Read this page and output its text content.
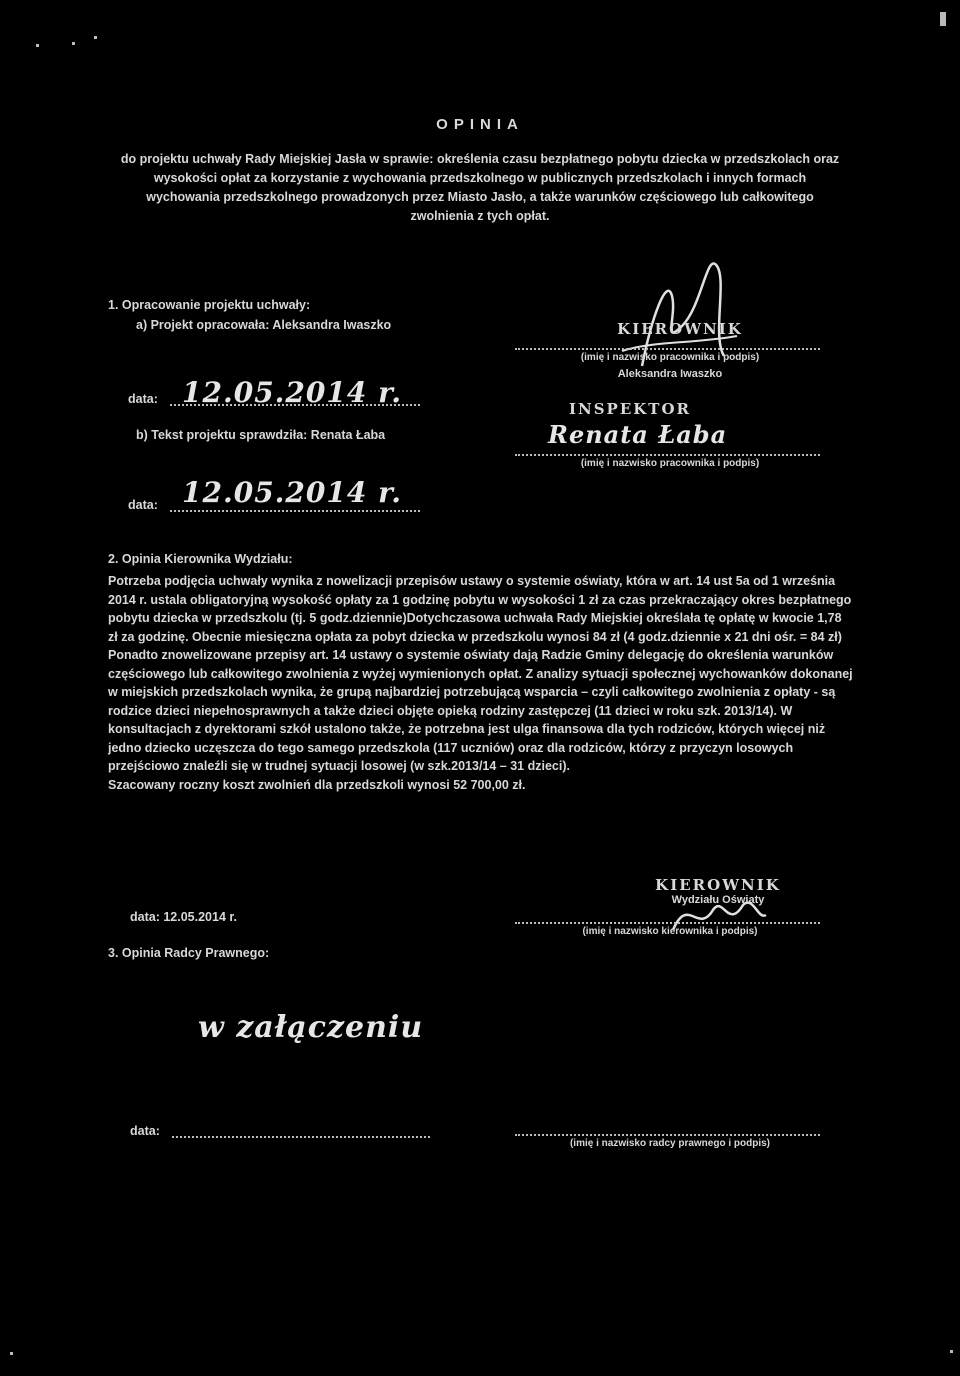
OPINIA
do projektu uchwały Rady Miejskiej Jasła w sprawie: określenia czasu bezpłatnego pobytu dziecka w przedszkolach oraz wysokości opłat za korzystanie z wychowania przedszkolnego w publicznych przedszkolach i innych formach wychowania przedszkolnego prowadzonych przez Miasto Jasło, a także warunków częściowego lub całkowitego zwolnienia z tych opłat.
1. Opracowanie projektu uchwały:
a) Projekt opracowała: Aleksandra Iwaszko	KIEROWNIK
(imię i nazwisko pracownika i podpis)
Aleksandra Iwaszko
data: 12.05.2014 r.	INSPEKTOR
b) Tekst projektu sprawdziła: Renata Łaba	Renata Łaba
(imię i nazwisko pracownika i podpis)
data: 12.05.2014 r.
2. Opinia Kierownika Wydziału:

Potrzeba podjęcia uchwały wynika z nowelizacji przepisów ustawy o systemie oświaty, która w art. 14 ust 5a od 1 września 2014 r. ustala obligatoryjną wysokość opłaty za 1 godzinę pobytu w wysokości 1 zł za czas przekraczający okres bezpłatnego pobytu dziecka w przedszkolu (tj. 5 godz.dziennie)Dotychczasowa uchwała Rady Miejskiej określała tę opłatę w kwocie 1,78 zł za godzinę. Obecnie miesięczna opłata za pobyt dziecka w przedszkolu wynosi 84 zł (4 godz.dziennie x 21 dni ośr. = 84 zł)

Ponadto znowelizowane przepisy art. 14 ustawy o systemie oświaty dają Radzie Gminy delegację do określenia warunków częściowego lub całkowitego zwolnienia z wyżej wymienionych opłat. Z analizy sytuacji społecznej wychowanków dokonanej w miejskich przedszkolach wynika, że grupą najbardziej potrzebującą wsparcia – czyli całkowitego zwolnienia z opłaty - są rodzice dzieci niepełnosprawnych a także dzieci objęte opieką rodziny zastępczej (11 dzieci w roku szk. 2013/14). W konsultacjach z dyrektorami szkół ustalono także, że potrzebna jest ulga finansowa dla tych rodziców, których więcej niż jedno dziecko uczęszcza do tego samego przedszkola (117 uczniów) oraz dla rodziców, którzy z przyczyn losowych przejściowo znaleźli się w trudnej sytuacji losowej (w szk.2013/14 – 31 dzieci).

Szacowany roczny koszt zwolnień dla przedszkoli wynosi 52 700,00 zł.

KIEROWNIK
Wydziału Oświaty
data: 12.05.2014 r.
(imię i nazwisko kierownika i podpis)
3. Opinia Radcy Prawnego:
w załączeniu
data:
(imię i nazwisko radcy prawnego i podpis)
